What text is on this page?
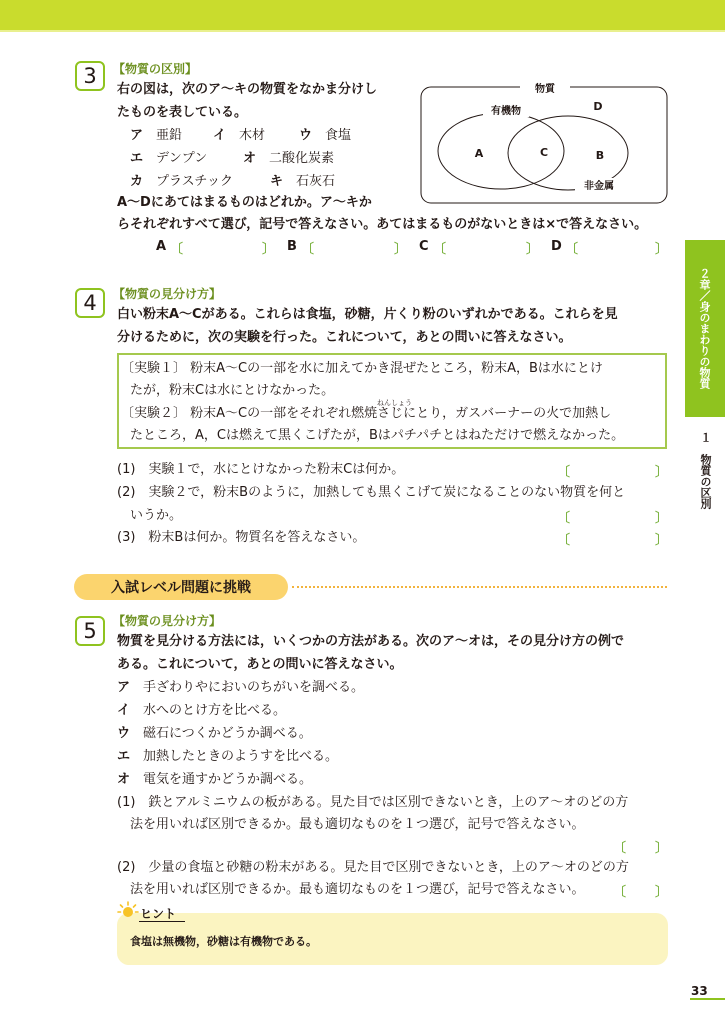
3	【物質の区別】
右の図は，次のア～キの物質をなかま分けし
たものを表している。
ア　 亜鉛 イ　 木材	ウ　 食塩
エ　 デンプン	オ　 二酸化炭素
カ　 プラスチック	キ　 石灰石
A～Dにあてはまるものはどれか。ア～キか
らそれぞれすべて選び，記号で答えなさい。あてはまるものがないときは×で答えなさい。
A 〔	〕 B 〔	〕 C 〔	〕 D 〔	〕
物質
有機物	D
A	C	B
非金属
4	【物質の見分け方】
白い粉末A～Cがある。これらは食塩，砂糖，片くり粉のいずれかである。これらを見
分けるために，次の実験を行った。これについて，あとの問いに答えなさい。
〔実験１〕 粉末A～Cの一部を水に加えてかき混ぜたところ，粉末A，Bは水にとけ
たが，粉末Cは水にとけなかった。
ねんしょう
〔実験２〕 粉末A～Cの一部をそれぞれ燃焼さじにとり，ガスバーナーの火で加熱し
たところ，A，Cは燃えて黒くこげたが，Bはパチパチとはねただけで燃えなかった。
(1)　実験１で，水にとけなかった粉末Cは何か。	〔	〕
(2)　実験２で，粉末Bのように，加熱しても黒くこげて炭になることのない物質を何と
いうか。	〔	〕
(3)　粉末Bは何か。物質名を答えなさい。	〔	〕
入試レベル問題に挑戦
5	【物質の見分け方】
物質を見分ける方法には，いくつかの方法がある。次のア～オは，その見分け方の例で
ある。これについて，あとの問いに答えなさい。
ア　 手ざわりやにおいのちがいを調べる。
イ　 水へのとけ方を比べる。
ウ　 磁石につくかどうか調べる。
エ　 加熱したときのようすを比べる。
オ　 電気を通すかどうか調べる。
(1)　鉄とアルミニウムの板がある。見た目では区別できないとき，上のア～オのどの方
法を用いれば区別できるか。最も適切なものを１つ選び，記号で答えなさい。
〔 〕
(2)　少量の食塩と砂糖の粉末がある。見た目で区別できないとき，上のア～オのどの方
法を用いれば区別できるか。最も適切なものを１つ選び，記号で答えなさい。 〔 〕
ヒント
食塩は無機物，砂糖は有機物である。
２章／身のまわりの物質
１　物質の区別
33
